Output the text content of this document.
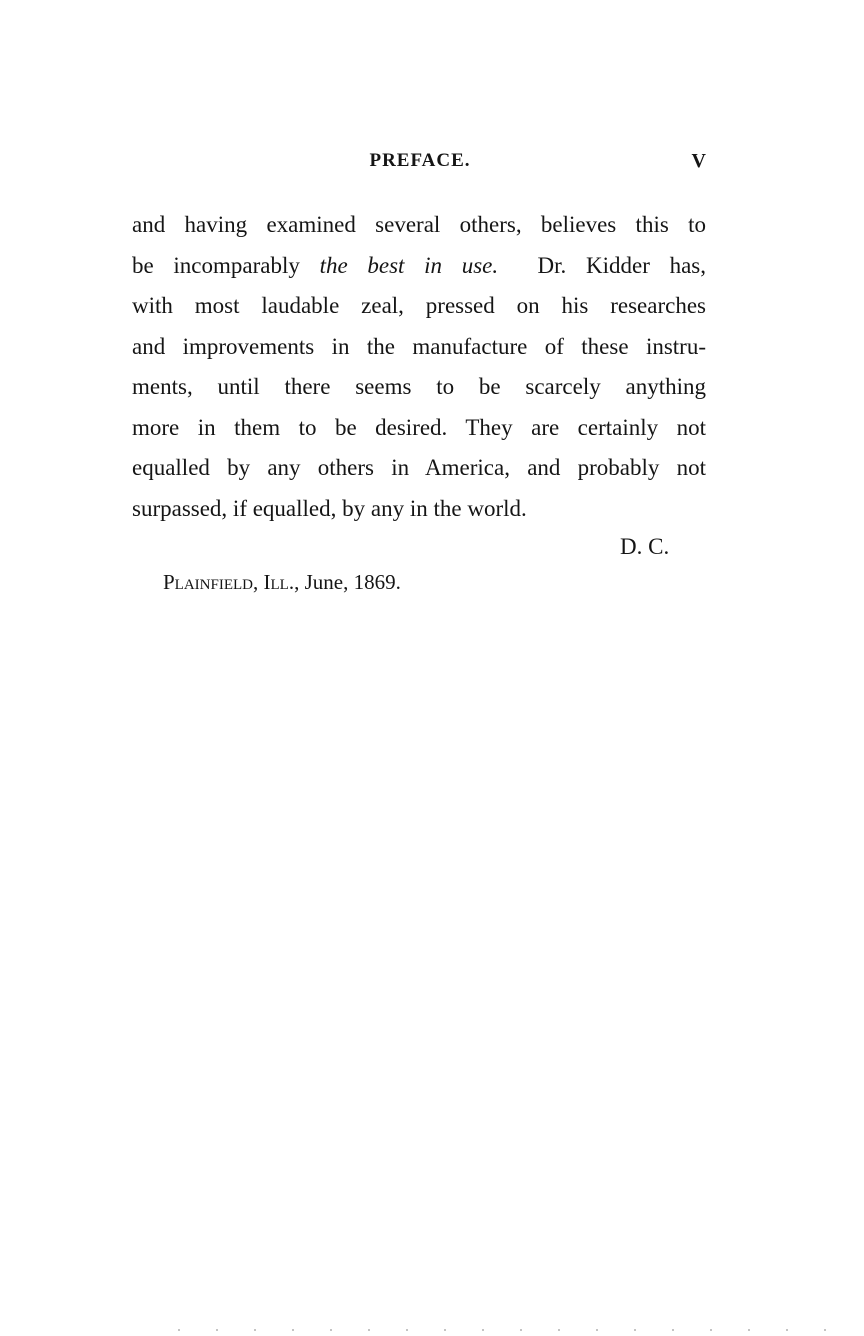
PREFACE.	V
and having examined several others, believes this to
be incomparably the best in use.  Dr. Kidder has,
with most laudable zeal, pressed on his researches
and improvements in the manufacture of these instru-
ments, until there seems to be scarcely anything
more in them to be desired. They are certainly not
equalled by any others in America, and probably not
surpassed, if equalled, by any in the world.
D. C.
Plainfield, Ill., June, 1869.
